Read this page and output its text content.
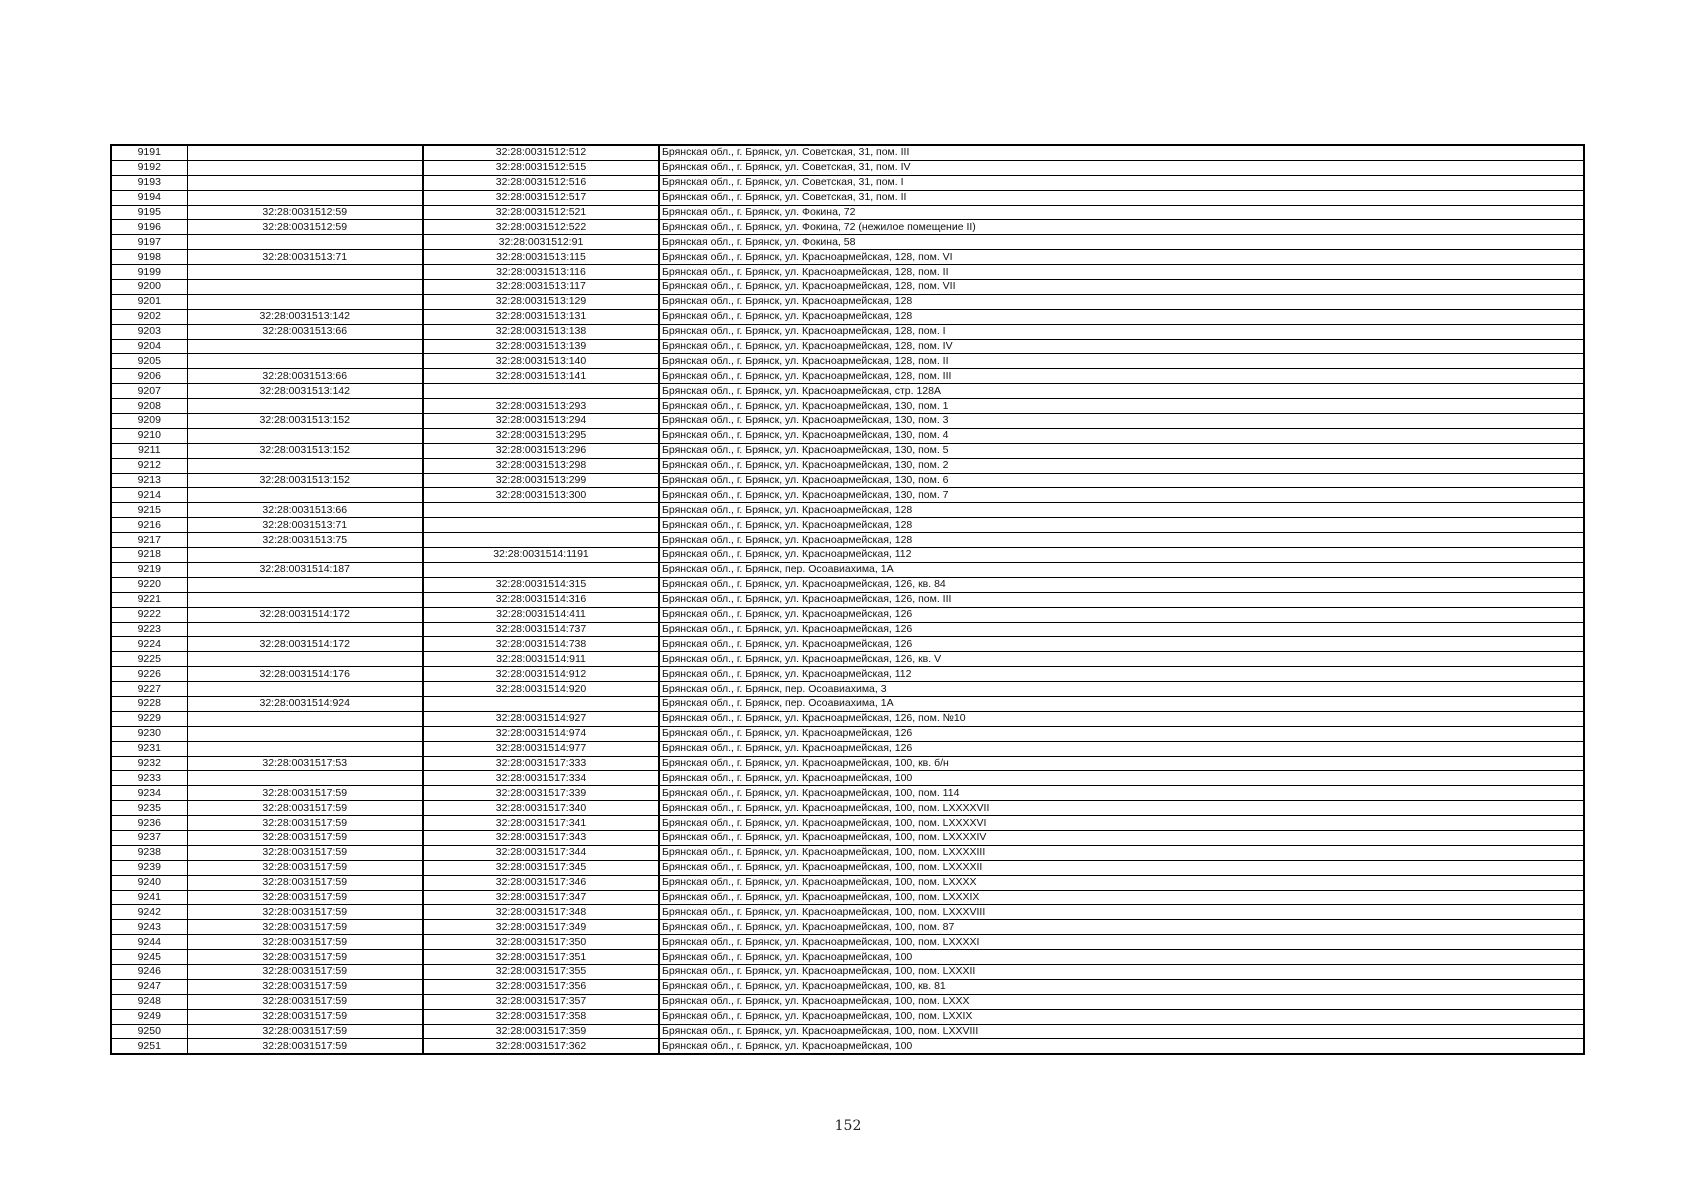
9191		32:28:0031512:512	Брянская обл., г. Брянск, ул. Советская, 31, пом. III
9192		32:28:0031512:515	Брянская обл., г. Брянск, ул. Советская, 31, пом. IV
9193		32:28:0031512:516	Брянская обл., г. Брянск, ул. Советская, 31, пом. I
9194		32:28:0031512:517	Брянская обл., г. Брянск, ул. Советская, 31, пом. II
9195	32:28:0031512:59	32:28:0031512:521	Брянская обл., г. Брянск, ул. Фокина, 72
9196	32:28:0031512:59	32:28:0031512:522	Брянская обл., г. Брянск, ул. Фокина, 72 (нежилое помещение II)
9197		32:28:0031512:91	Брянская обл., г. Брянск, ул. Фокина, 58
9198	32:28:0031513:71	32:28:0031513:115	Брянская обл., г. Брянск, ул. Красноармейская, 128, пом. VI
9199		32:28:0031513:116	Брянская обл., г. Брянск, ул. Красноармейская, 128, пом. II
9200		32:28:0031513:117	Брянская обл., г. Брянск, ул. Красноармейская, 128, пом. VII
9201		32:28:0031513:129	Брянская обл., г. Брянск, ул. Красноармейская, 128
9202	32:28:0031513:142	32:28:0031513:131	Брянская обл., г. Брянск, ул. Красноармейская, 128
9203	32:28:0031513:66	32:28:0031513:138	Брянская обл., г. Брянск, ул. Красноармейская, 128, пом. I
9204		32:28:0031513:139	Брянская обл., г. Брянск, ул. Красноармейская, 128, пом. IV
9205		32:28:0031513:140	Брянская обл., г. Брянск, ул. Красноармейская, 128, пом. II
9206	32:28:0031513:66	32:28:0031513:141	Брянская обл., г. Брянск, ул. Красноармейская, 128, пом. III
9207	32:28:0031513:142		Брянская обл., г. Брянск, ул. Красноармейская, стр. 128А
9208		32:28:0031513:293	Брянская обл., г. Брянск, ул. Красноармейская, 130, пом. 1
9209	32:28:0031513:152	32:28:0031513:294	Брянская обл., г. Брянск, ул. Красноармейская, 130, пом. 3
9210		32:28:0031513:295	Брянская обл., г. Брянск, ул. Красноармейская, 130, пом. 4
9211	32:28:0031513:152	32:28:0031513:296	Брянская обл., г. Брянск, ул. Красноармейская, 130, пом. 5
9212		32:28:0031513:298	Брянская обл., г. Брянск, ул. Красноармейская, 130, пом. 2
9213	32:28:0031513:152	32:28:0031513:299	Брянская обл., г. Брянск, ул. Красноармейская, 130, пом. 6
9214		32:28:0031513:300	Брянская обл., г. Брянск, ул. Красноармейская, 130, пом. 7
9215	32:28:0031513:66		Брянская обл., г. Брянск, ул. Красноармейская, 128
9216	32:28:0031513:71		Брянская обл., г. Брянск, ул. Красноармейская, 128
9217	32:28:0031513:75		Брянская обл., г. Брянск, ул. Красноармейская, 128
9218		32:28:0031514:1191	Брянская обл., г. Брянск, ул. Красноармейская, 112
9219	32:28:0031514:187		Брянская обл., г. Брянск, пер. Осоавиахима, 1А
9220		32:28:0031514:315	Брянская обл., г. Брянск, ул. Красноармейская, 126, кв. 84
9221		32:28:0031514:316	Брянская обл., г. Брянск, ул. Красноармейская, 126, пом. III
9222	32:28:0031514:172	32:28:0031514:411	Брянская обл., г. Брянск, ул. Красноармейская, 126
9223		32:28:0031514:737	Брянская обл., г. Брянск, ул. Красноармейская, 126
9224	32:28:0031514:172	32:28:0031514:738	Брянская обл., г. Брянск, ул. Красноармейская, 126
9225		32:28:0031514:911	Брянская обл., г. Брянск, ул. Красноармейская, 126, кв. V
9226	32:28:0031514:176	32:28:0031514:912	Брянская обл., г. Брянск, ул. Красноармейская, 112
9227		32:28:0031514:920	Брянская обл., г. Брянск, пер. Осоавиахима, 3
9228	32:28:0031514:924		Брянская обл., г. Брянск, пер. Осоавиахима, 1А
9229		32:28:0031514:927	Брянская обл., г. Брянск, ул. Красноармейская, 126, пом. №10
9230		32:28:0031514:974	Брянская обл., г. Брянск, ул. Красноармейская, 126
9231		32:28:0031514:977	Брянская обл., г. Брянск, ул. Красноармейская, 126
9232	32:28:0031517:53	32:28:0031517:333	Брянская обл., г. Брянск, ул. Красноармейская, 100, кв. б/н
9233		32:28:0031517:334	Брянская обл., г. Брянск, ул. Красноармейская, 100
9234	32:28:0031517:59	32:28:0031517:339	Брянская обл., г. Брянск, ул. Красноармейская, 100, пом. 114
9235	32:28:0031517:59	32:28:0031517:340	Брянская обл., г. Брянск, ул. Красноармейская, 100, пом. LXXXXVII
9236	32:28:0031517:59	32:28:0031517:341	Брянская обл., г. Брянск, ул. Красноармейская, 100, пом. LXXXXVI
9237	32:28:0031517:59	32:28:0031517:343	Брянская обл., г. Брянск, ул. Красноармейская, 100, пом. LXXXXIV
9238	32:28:0031517:59	32:28:0031517:344	Брянская обл., г. Брянск, ул. Красноармейская, 100, пом. LXXXXIII
9239	32:28:0031517:59	32:28:0031517:345	Брянская обл., г. Брянск, ул. Красноармейская, 100, пом. LXXXXII
9240	32:28:0031517:59	32:28:0031517:346	Брянская обл., г. Брянск, ул. Красноармейская, 100, пом. LXXXX
9241	32:28:0031517:59	32:28:0031517:347	Брянская обл., г. Брянск, ул. Красноармейская, 100, пом. LXXXIX
9242	32:28:0031517:59	32:28:0031517:348	Брянская обл., г. Брянск, ул. Красноармейская, 100, пом. LXXXVIII
9243	32:28:0031517:59	32:28:0031517:349	Брянская обл., г. Брянск, ул. Красноармейская, 100, пом. 87
9244	32:28:0031517:59	32:28:0031517:350	Брянская обл., г. Брянск, ул. Красноармейская, 100, пом. LXXXXI
9245	32:28:0031517:59	32:28:0031517:351	Брянская обл., г. Брянск, ул. Красноармейская, 100
9246	32:28:0031517:59	32:28:0031517:355	Брянская обл., г. Брянск, ул. Красноармейская, 100, пом. LXXXII
9247	32:28:0031517:59	32:28:0031517:356	Брянская обл., г. Брянск, ул. Красноармейская, 100, кв. 81
9248	32:28:0031517:59	32:28:0031517:357	Брянская обл., г. Брянск, ул. Красноармейская, 100, пом. LXXX
9249	32:28:0031517:59	32:28:0031517:358	Брянская обл., г. Брянск, ул. Красноармейская, 100, пом. LXXIX
9250	32:28:0031517:59	32:28:0031517:359	Брянская обл., г. Брянск, ул. Красноармейская, 100, пом. LXXVIII
9251	32:28:0031517:59	32:28:0031517:362	Брянская обл., г. Брянск, ул. Красноармейская, 100
152
